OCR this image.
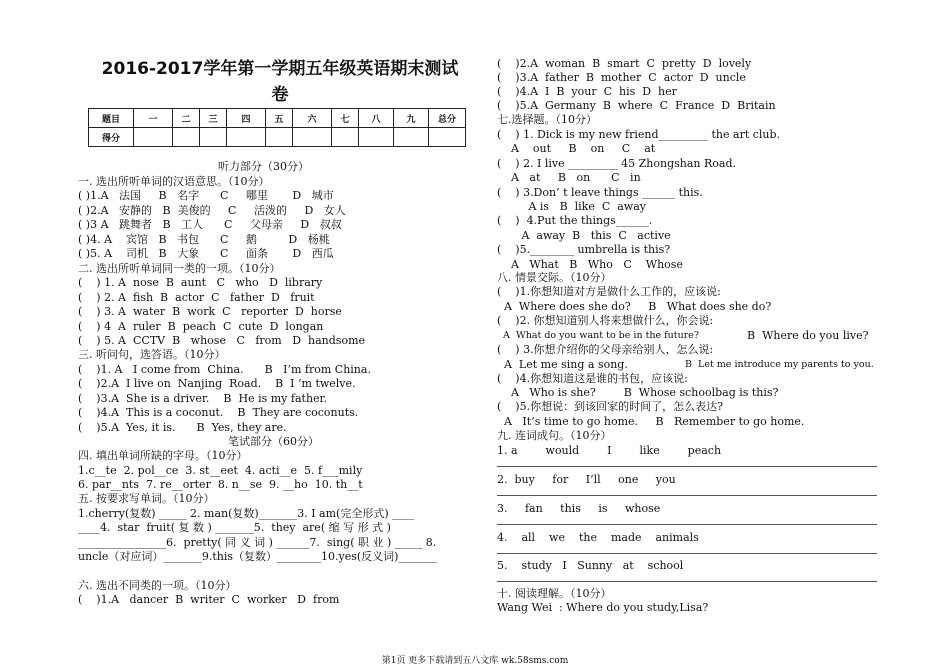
2016-2017学年第一学期五年级英语期末测试
卷
题目	一	二	三	四	五	六	七	八	九	总分
得分										
听力部分（30分）
一. 选出所听单词的汉语意思。（10分）
( )1.A   法国     B   名字      C     哪里       D   城市
( )2.A   安静的   B  美俊的     C     活泼的     D   女人
( )3 A   跳舞者   B   工人      C     父母亲     D   叔叔
( )4. A    宾馆   B   书包      C     鹅         D   杨桃
( )5. A    司机   B   大象      C     面条       D   西瓜
二. 选出所听单词同一类的一项。（10分）
(    ) 1. A  nose  B  aunt   C   who   D  library
(    ) 2. A  fish  B  actor  C   father  D   fruit
(    ) 3. A  water  B  work  C   reporter  D  horse
(    ) 4  A  ruler  B  peach  C  cute  D  longan
(    ) 5. A  CCTV  B   whose   C   from   D  handsome
三. 听问句，选答语。（10分）
(    )1. A   I come from  China.      B   I’m from China.
(    )2.A  I live on  Nanjing  Road.    B  I ‘m twelve.
(    )3.A  She is a driver.    B  He is my father.
(    )4.A  This is a coconut.    B  They are coconuts.
(    )5.A  Yes, it is.      B  Yes, they are.
笔试部分（60分）
四. 填出单词所缺的字母。（10分）
1.c__te  2. pol__ce  3. st__eet  4. acti__e  5. f___mily
6. par__nts  7. re__orter  8. n__se  9. __ho  10. th__t
五. 按要求写单词。（10分）
1.cherry(复数) _____ 2. man(复数)_______3. I am(完全形式) ____
____4.  star  fruit( 复 数 ) _______5.  they  are( 缩 写 形 式 )
________________6.  pretty( 同 义 词 ) ______7.  sing( 职 业 ) _____ 8.
uncle（对应词）_______9.this（复数）________10.yes(反义词)_______
六. 选出不同类的一项。（10分）
(    )1.A   dancer  B  writer  C  worker   D  from
(    )2.A  woman  B  smart  C  pretty  D  lovely
(    )3.A  father  B  mother  C  actor  D  uncle
(    )4.A  I  B  your  C  his  D  her
(    )5.A  Germany  B  where  C  France  D  Britain
七.选择题。（10分）
(    ) 1. Dick is my new friend_________ the art club.
A    out     B    on     C    at
(    ) 2. I live _________ 45 Zhongshan Road.
A   at     B   on      C   in
(    ) 3.Don’ t leave things ______ this.
A is   B  like  C  away
(    )  4.Put the things______.
A  away  B   this  C   active
(    )5.________ umbrella is this?
A   What   B   Who   C    Whose
八. 情景交际。（10分）
(    )1.你想知道对方是做什么工作的，应该说:
A  Where does she do?     B   What does she do?
(    )2. 你想知道别人将来想做什么，你会说:
A  What do you want to be in the future?	B  Where do you live?
(    ) 3.你想介绍你的父母亲给别人，怎么说:
A  Let me sing a song.	B  Let me introduce my parents to you.
(    )4.你想知道这是谁的书包，应该说:
A   Who is she?        B  Whose schoolbag is this?
(    )5.你想说：到该回家的时间了，怎么表达?
A   It’s time to go home.     B   Remember to go home.
九. 连词成句。（10分）
1. a        would        I        like        peach
2.  buy     for     I’ll     one     you
3.     fan     this     is     whose
4.    all    we    the    made    animals
5.    study   I   Sunny   at    school
十. 阅读理解。（10分）
Wang Wei  : Where do you study,Lisa?
第1页 更多下载请到五八文库 wk.58sms.com
